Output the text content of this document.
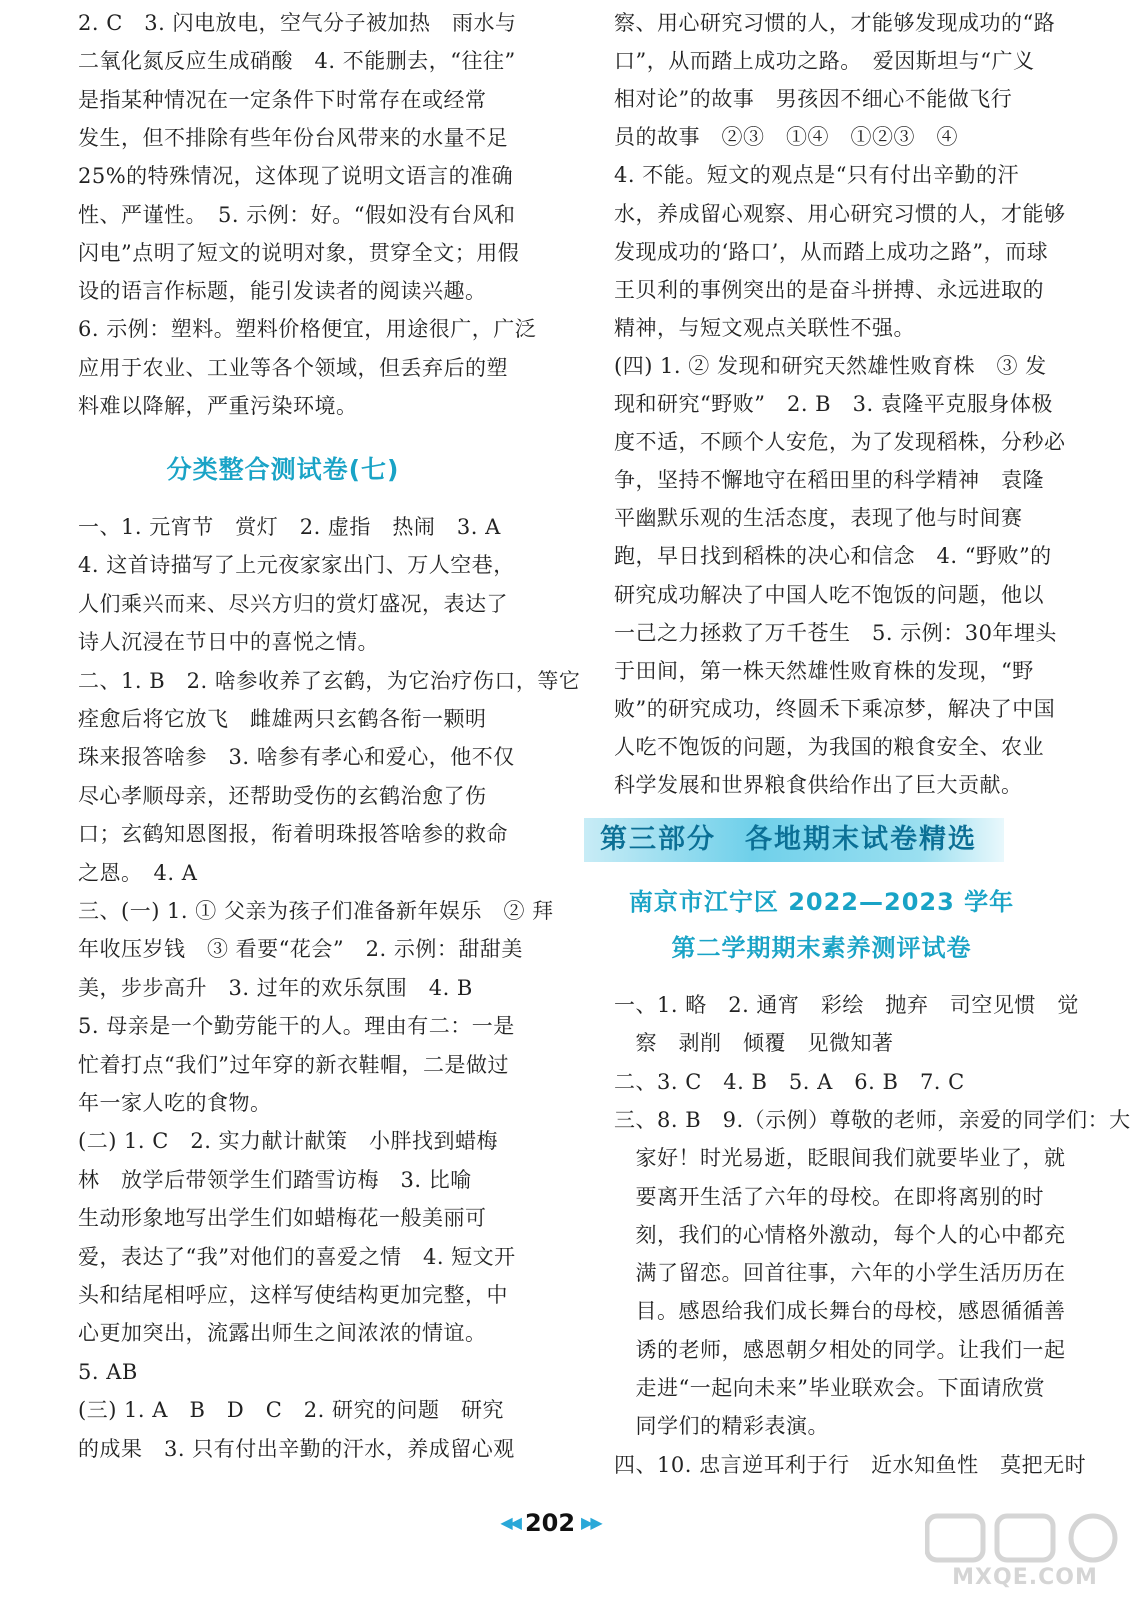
2. C　3. 闪电放电，空气分子被加热　雨水与
二氧化氮反应生成硝酸　4. 不能删去，“往往”
是指某种情况在一定条件下时常存在或经常
发生，但不排除有些年份台风带来的水量不足
25%的特殊情况，这体现了说明文语言的准确
性、严谨性。　5. 示例：好。“假如没有台风和
闪电”点明了短文的说明对象，贯穿全文；用假
设的语言作标题，能引发读者的阅读兴趣。
6. 示例：塑料。塑料价格便宜，用途很广，广泛
应用于农业、工业等各个领域，但丢弃后的塑
料难以降解，严重污染环境。
一、1. 元宵节　赏灯　2. 虚指　热闹　3. A
4. 这首诗描写了上元夜家家出门、万人空巷，
人们乘兴而来、尽兴方归的赏灯盛况，表达了
诗人沉浸在节日中的喜悦之情。
二、1. B　2. 啥参收养了玄鹤，为它治疗伤口，等它
痊愈后将它放飞　雌雄两只玄鹤各衔一颗明
珠来报答啥参　3. 啥参有孝心和爱心，他不仅
尽心孝顺母亲，还帮助受伤的玄鹤治愈了伤
口；玄鹤知恩图报，衔着明珠报答啥参的救命
之恩。　4. A
三、(一) 1. ① 父亲为孩子们准备新年娱乐　② 拜
年收压岁钱　③ 看要“花会”　2. 示例：甜甜美
美，步步高升　3. 过年的欢乐氛围　4. B
5. 母亲是一个勤劳能干的人。理由有二：一是
忙着打点“我们”过年穿的新衣鞋帽，二是做过
年一家人吃的食物。
(二) 1. C　2. 实力献计献策　小胖找到蜡梅
林　放学后带领学生们踏雪访梅　3. 比喻
生动形象地写出学生们如蜡梅花一般美丽可
爱，表达了“我”对他们的喜爱之情　4. 短文开
头和结尾相呼应，这样写使结构更加完整，中
心更加突出，流露出师生之间浓浓的情谊。
5. AB
(三) 1. A　B　D　C　2. 研究的问题　研究
的成果　3. 只有付出辛勤的汗水，养成留心观
分类整合测试卷(七)
察、用心研究习惯的人，才能够发现成功的“路
口”，从而踏上成功之路。　爱因斯坦与“广义
相对论”的故事　男孩因不细心不能做飞行
员的故事　②③　①④　①②③　④
4. 不能。短文的观点是“只有付出辛勤的汗
水，养成留心观察、用心研究习惯的人，才能够
发现成功的‘路口’，从而踏上成功之路”，而球
王贝利的事例突出的是奋斗拼搏、永远进取的
精神，与短文观点关联性不强。
(四) 1. ② 发现和研究天然雄性败育株　③ 发
现和研究“野败”　2. B　3. 袁隆平克服身体极
度不适，不顾个人安危，为了发现稻株，分秒必
争，坚持不懈地守在稻田里的科学精神　袁隆
平幽默乐观的生活态度，表现了他与时间赛
跑，早日找到稻株的决心和信念　4. “野败”的
研究成功解决了中国人吃不饱饭的问题，他以
一己之力拯救了万千苍生　5. 示例：30年埋头
于田间，第一株天然雄性败育株的发现，“野
败”的研究成功，终圆禾下乘凉梦，解决了中国
人吃不饱饭的问题，为我国的粮食安全、农业
科学发展和世界粮食供给作出了巨大贡献。
一、1. 略　2. 通宵　彩绘　抛弃　司空见惯　觉
　察　剥削　倾覆　见微知著
二、3. C　4. B　5. A　6. B　7. C
三、8. B　9.（示例）尊敬的老师，亲爱的同学们：大
　家好！时光易逝，眨眼间我们就要毕业了，就
　要离开生活了六年的母校。在即将离别的时
　刻，我们的心情格外激动，每个人的心中都充
　满了留恋。回首往事，六年的小学生活历历在
　目。感恩给我们成长舞台的母校，感恩循循善
　诱的老师，感恩朝夕相处的同学。让我们一起
　走进“一起向未来”毕业联欢会。下面请欣赏
　同学们的精彩表演。
四、10. 忠言逆耳利于行　近水知鱼性　莫把无时
第三部分　各地期末试卷精选
南京市江宁区 2022—2023 学年
第二学期期末素养测评试卷
◀◀ 202 ▶▶
MXQE.COM
